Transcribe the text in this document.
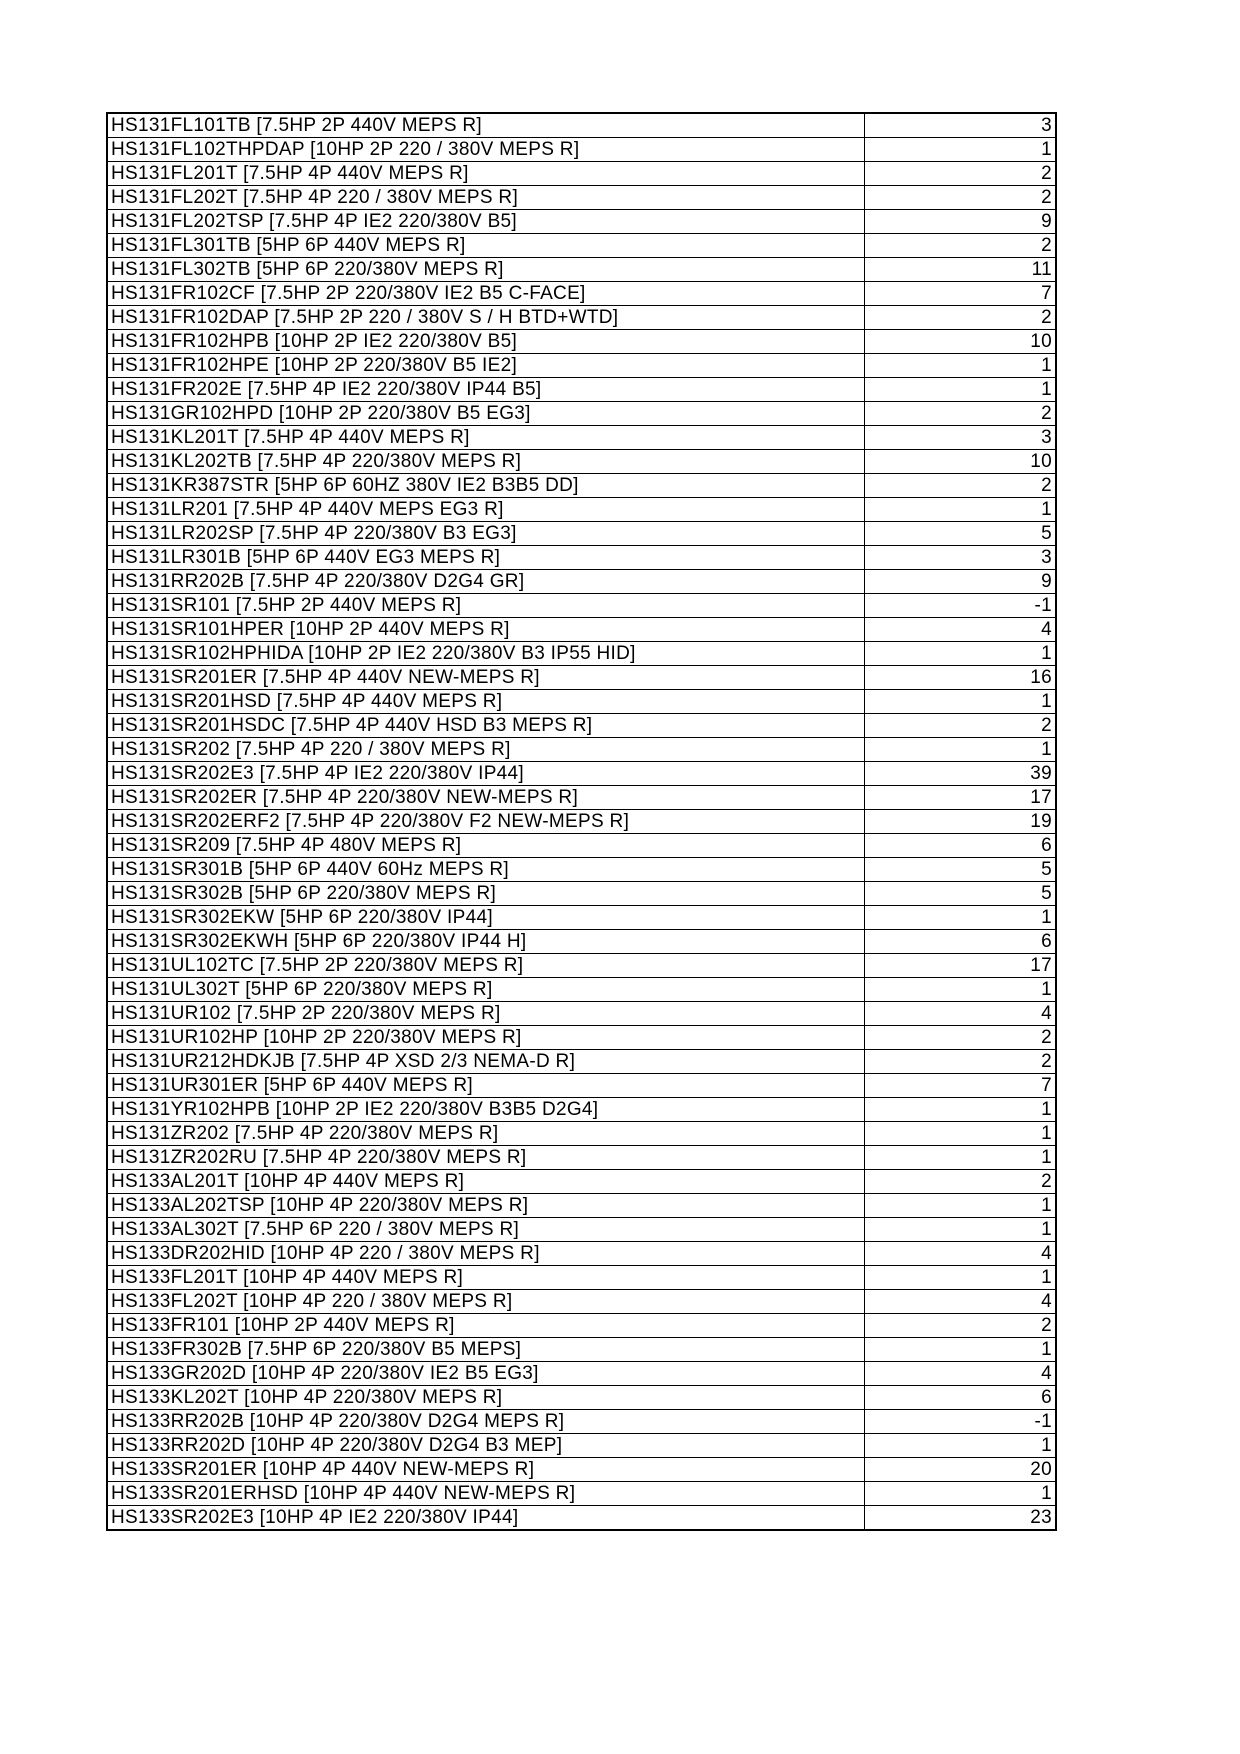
HS131FL101TB [7.5HP 2P 440V MEPS R]	3
HS131FL102THPDAP [10HP 2P 220 / 380V MEPS R]	1
HS131FL201T [7.5HP 4P 440V MEPS R]	2
HS131FL202T [7.5HP 4P 220 / 380V MEPS R]	2
HS131FL202TSP [7.5HP 4P IE2 220/380V B5]	9
HS131FL301TB [5HP 6P 440V MEPS R]	2
HS131FL302TB [5HP 6P 220/380V MEPS R]	11
HS131FR102CF [7.5HP 2P 220/380V IE2 B5 C-FACE]	7
HS131FR102DAP [7.5HP 2P 220 / 380V S / H BTD+WTD]	2
HS131FR102HPB [10HP 2P IE2 220/380V B5]	10
HS131FR102HPE [10HP 2P 220/380V B5 IE2]	1
HS131FR202E [7.5HP 4P IE2 220/380V IP44 B5]	1
HS131GR102HPD [10HP 2P 220/380V B5 EG3]	2
HS131KL201T [7.5HP 4P 440V MEPS R]	3
HS131KL202TB [7.5HP 4P 220/380V MEPS R]	10
HS131KR387STR [5HP 6P 60HZ 380V IE2 B3B5 DD]	2
HS131LR201 [7.5HP 4P 440V MEPS EG3 R]	1
HS131LR202SP [7.5HP 4P 220/380V B3 EG3]	5
HS131LR301B [5HP 6P 440V EG3 MEPS R]	3
HS131RR202B [7.5HP 4P 220/380V D2G4 GR]	9
HS131SR101 [7.5HP 2P 440V MEPS R]	-1
HS131SR101HPER [10HP 2P 440V MEPS R]	4
HS131SR102HPHIDA [10HP 2P IE2 220/380V B3 IP55 HID]	1
HS131SR201ER [7.5HP 4P 440V NEW-MEPS R]	16
HS131SR201HSD [7.5HP 4P 440V MEPS R]	1
HS131SR201HSDC [7.5HP 4P 440V HSD B3 MEPS R]	2
HS131SR202 [7.5HP 4P 220 / 380V MEPS R]	1
HS131SR202E3 [7.5HP 4P IE2 220/380V IP44]	39
HS131SR202ER [7.5HP 4P 220/380V NEW-MEPS R]	17
HS131SR202ERF2 [7.5HP 4P 220/380V F2 NEW-MEPS R]	19
HS131SR209 [7.5HP 4P 480V MEPS R]	6
HS131SR301B [5HP 6P 440V 60Hz MEPS R]	5
HS131SR302B [5HP 6P 220/380V MEPS R]	5
HS131SR302EKW [5HP 6P 220/380V IP44]	1
HS131SR302EKWH [5HP 6P 220/380V IP44 H]	6
HS131UL102TC [7.5HP 2P 220/380V MEPS R]	17
HS131UL302T [5HP 6P 220/380V MEPS R]	1
HS131UR102 [7.5HP 2P 220/380V MEPS R]	4
HS131UR102HP [10HP 2P 220/380V MEPS R]	2
HS131UR212HDKJB [7.5HP 4P XSD 2/3 NEMA-D R]	2
HS131UR301ER [5HP 6P 440V MEPS R]	7
HS131YR102HPB [10HP 2P IE2 220/380V B3B5 D2G4]	1
HS131ZR202 [7.5HP 4P 220/380V MEPS R]	1
HS131ZR202RU [7.5HP 4P 220/380V MEPS R]	1
HS133AL201T [10HP 4P 440V MEPS R]	2
HS133AL202TSP [10HP 4P 220/380V MEPS R]	1
HS133AL302T [7.5HP 6P 220 / 380V MEPS R]	1
HS133DR202HID [10HP 4P 220 / 380V MEPS R]	4
HS133FL201T [10HP 4P 440V MEPS R]	1
HS133FL202T [10HP 4P 220 / 380V MEPS R]	4
HS133FR101 [10HP 2P 440V MEPS R]	2
HS133FR302B [7.5HP 6P 220/380V B5 MEPS]	1
HS133GR202D [10HP 4P 220/380V IE2 B5 EG3]	4
HS133KL202T [10HP 4P 220/380V MEPS R]	6
HS133RR202B [10HP 4P 220/380V D2G4 MEPS R]	-1
HS133RR202D [10HP 4P 220/380V D2G4 B3 MEP]	1
HS133SR201ER [10HP 4P 440V NEW-MEPS R]	20
HS133SR201ERHSD [10HP 4P 440V NEW-MEPS R]	1
HS133SR202E3 [10HP 4P IE2 220/380V IP44]	23
